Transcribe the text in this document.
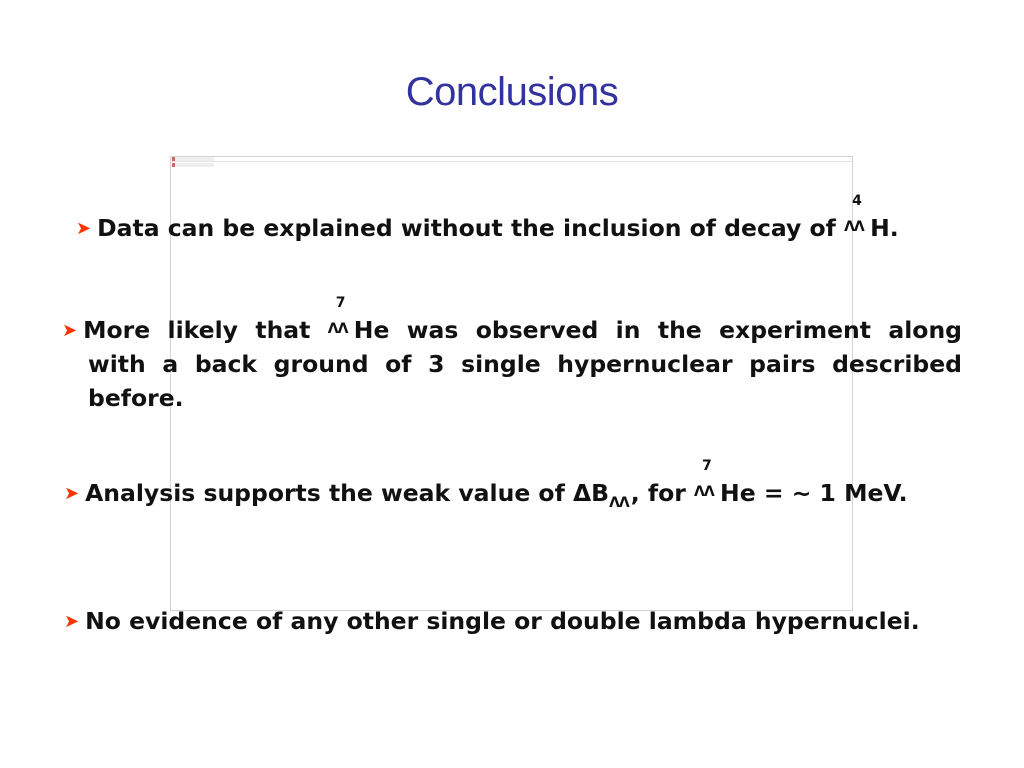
Conclusions
➤ Data can be explained without the inclusion of decay of
4
ΛΛ H.
➤ More likely that
7
ΛΛ He was observed in the experiment along
with a back ground of 3 single hypernuclear pairs described
before.
➤ Analysis supports the weak value of $\Delta B_{\Lambda\Lambda}$, for
7
ΛΛ He = ~ 1 MeV.
➤ No evidence of any other single or double lambda hypernuclei.
